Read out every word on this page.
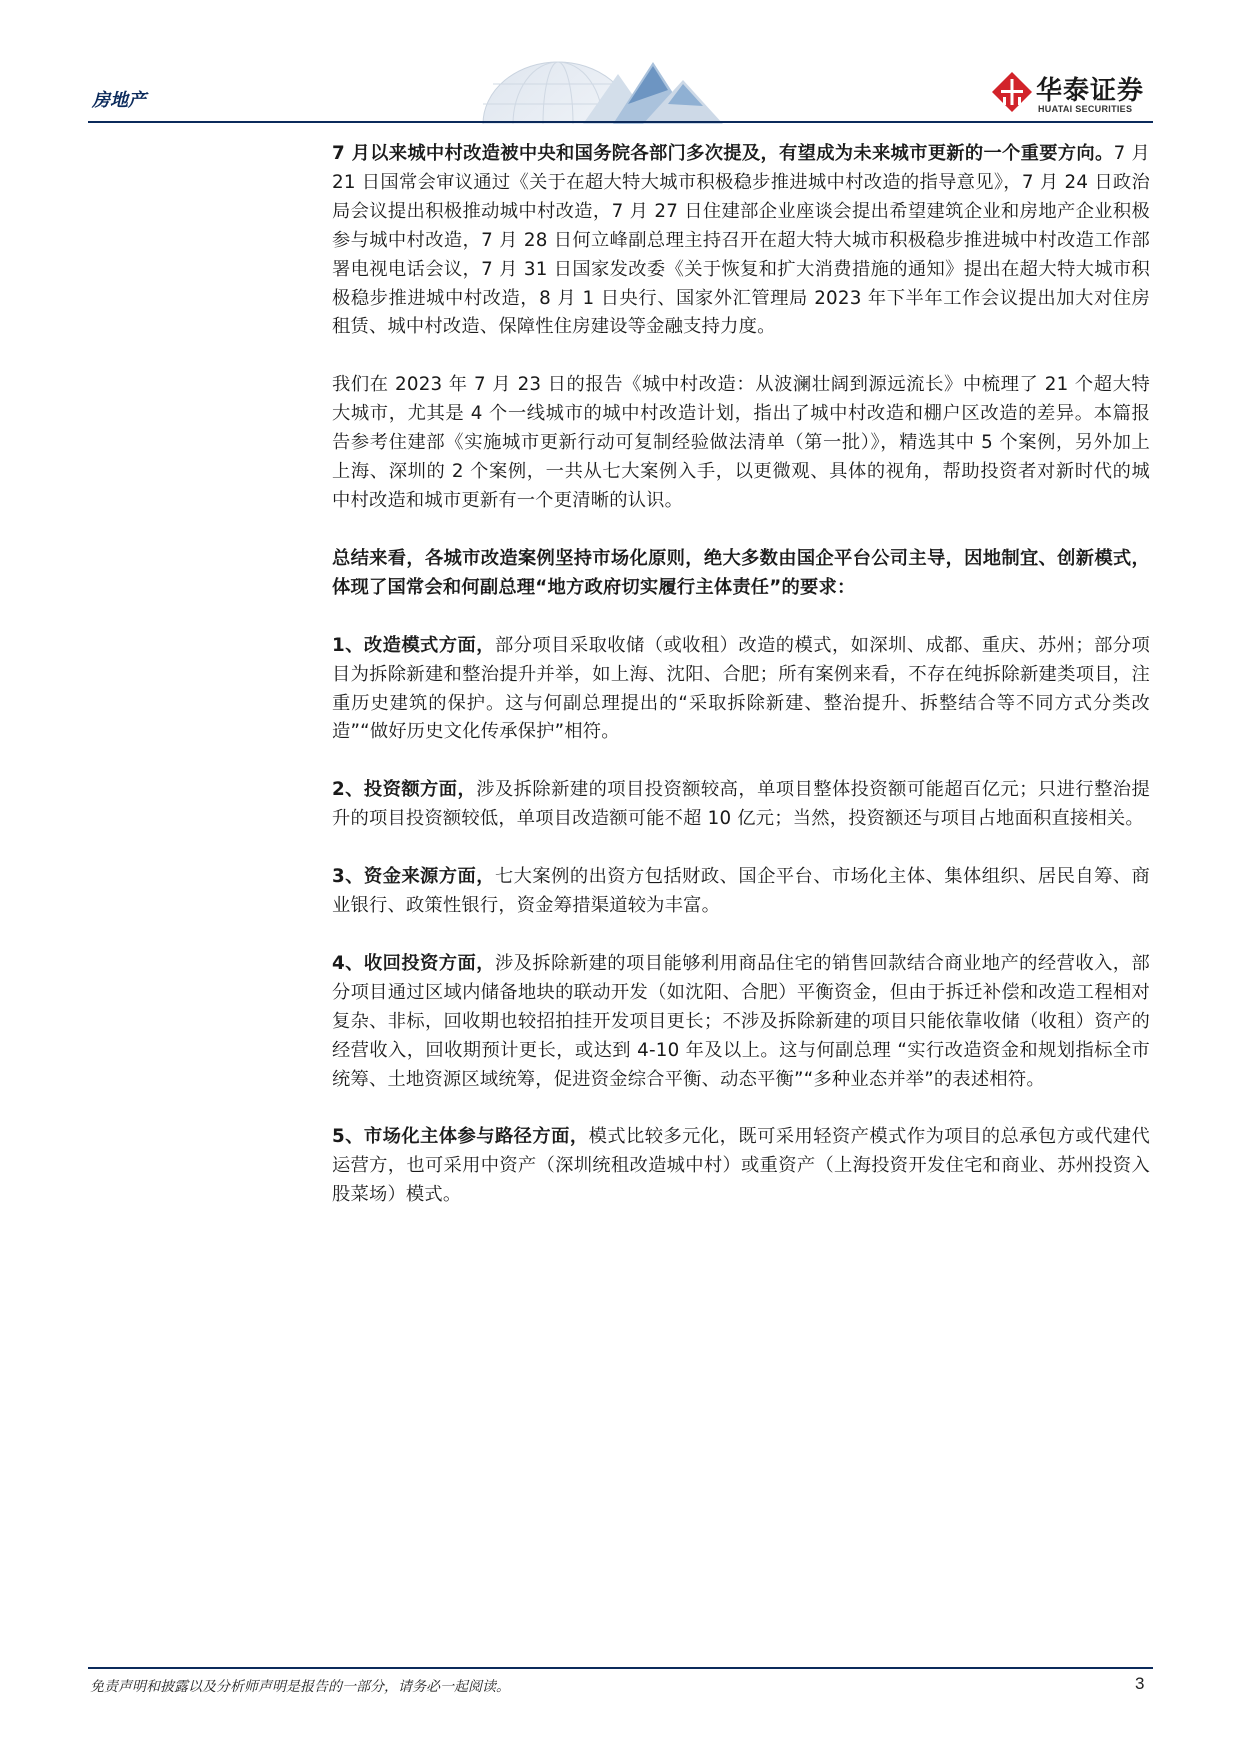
房地产	华泰证券
HUATAI SECURITIES

7 月以来城中村改造被中央和国务院各部门多次提及，有望成为未来城市更新的一个重要方向。7 月 21 日国常会审议通过《关于在超大特大城市积极稳步推进城中村改造的指导意见》，7 月 24 日政治局会议提出积极推动城中村改造，7 月 27 日住建部企业座谈会提出希望建筑企业和房地产企业积极参与城中村改造，7 月 28 日何立峰副总理主持召开在超大特大城市积极稳步推进城中村改造工作部署电视电话会议，7 月 31 日国家发改委《关于恢复和扩大消费措施的通知》提出在超大特大城市积极稳步推进城中村改造，8 月 1 日央行、国家外汇管理局 2023 年下半年工作会议提出加大对住房租赁、城中村改造、保障性住房建设等金融支持力度。

我们在 2023 年 7 月 23 日的报告《城中村改造：从波澜壮阔到源远流长》中梳理了 21 个超大特大城市，尤其是 4 个一线城市的城中村改造计划，指出了城中村改造和棚户区改造的差异。本篇报告参考住建部《实施城市更新行动可复制经验做法清单（第一批）》，精选其中 5 个案例，另外加上上海、深圳的 2 个案例，一共从七大案例入手，以更微观、具体的视角，帮助投资者对新时代的城中村改造和城市更新有一个更清晰的认识。

总结来看，各城市改造案例坚持市场化原则，绝大多数由国企平台公司主导，因地制宜、创新模式，体现了国常会和何副总理“地方政府切实履行主体责任”的要求：

1、改造模式方面，部分项目采取收储（或收租）改造的模式，如深圳、成都、重庆、苏州；部分项目为拆除新建和整治提升并举，如上海、沈阳、合肥；所有案例来看，不存在纯拆除新建类项目，注重历史建筑的保护。这与何副总理提出的“采取拆除新建、整治提升、拆整结合等不同方式分类改造”“做好历史文化传承保护”相符。

2、投资额方面，涉及拆除新建的项目投资额较高，单项目整体投资额可能超百亿元；只进行整治提升的项目投资额较低，单项目改造额可能不超 10 亿元；当然，投资额还与项目占地面积直接相关。

3、资金来源方面，七大案例的出资方包括财政、国企平台、市场化主体、集体组织、居民自筹、商业银行、政策性银行，资金筹措渠道较为丰富。

4、收回投资方面，涉及拆除新建的项目能够利用商品住宅的销售回款结合商业地产的经营收入，部分项目通过区域内储备地块的联动开发（如沈阳、合肥）平衡资金，但由于拆迁补偿和改造工程相对复杂、非标，回收期也较招拍挂开发项目更长；不涉及拆除新建的项目只能依靠收储（收租）资产的经营收入，回收期预计更长，或达到 4-10 年及以上。这与何副总理 “实行改造资金和规划指标全市统筹、土地资源区域统筹，促进资金综合平衡、动态平衡”“多种业态并举”的表述相符。

5、市场化主体参与路径方面，模式比较多元化，既可采用轻资产模式作为项目的总承包方或代建代运营方，也可采用中资产（深圳统租改造城中村）或重资产（上海投资开发住宅和商业、苏州投资入股菜场）模式。

免责声明和披露以及分析师声明是报告的一部分，请务必一起阅读。	3
